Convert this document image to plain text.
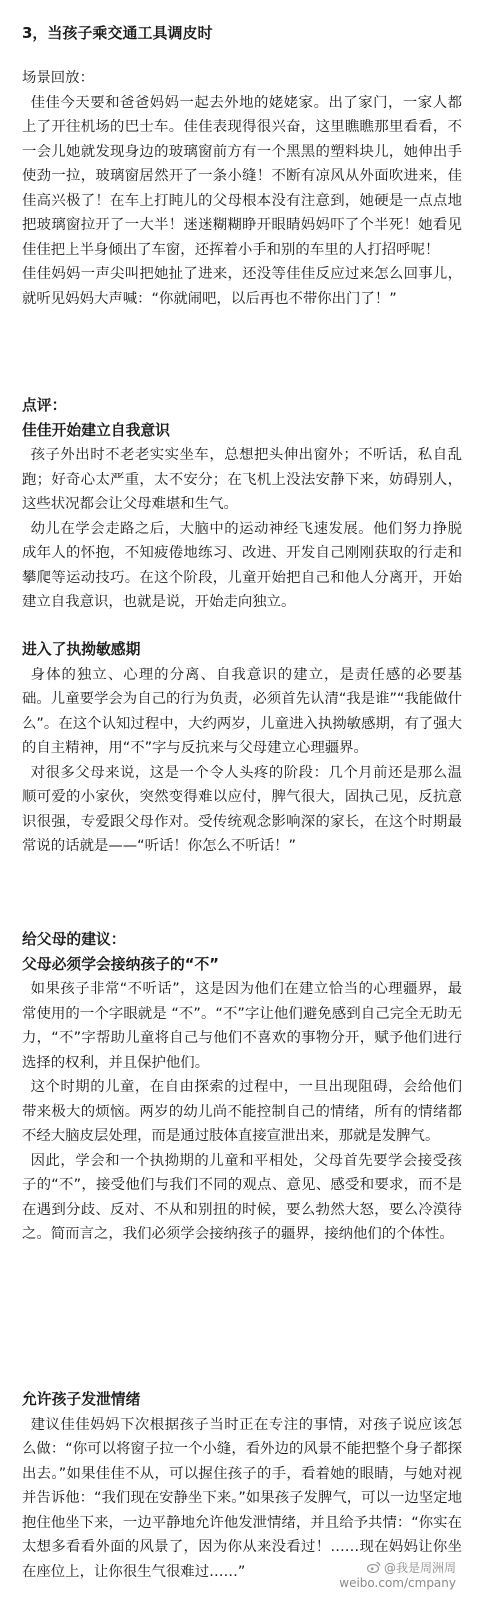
3，当孩子乘交通工具调皮时
场景回放：
佳佳今天要和爸爸妈妈一起去外地的姥姥家。出了家门，一家人都上了开往机场的巴士车。佳佳表现得很兴奋，这里瞧瞧那里看看，不一会儿她就发现身边的玻璃窗前方有一个黑黑的塑料块儿，她伸出手使劲一拉，玻璃窗居然开了一条小缝！不断有凉风从外面吹进来，佳佳高兴极了！在车上打盹儿的父母根本没有注意到，她硬是一点点地把玻璃窗拉开了一大半！迷迷糊糊睁开眼睛妈妈吓了个半死！她看见佳佳把上半身倾出了车窗，还挥着小手和别的车里的人打招呼呢！
佳佳妈妈一声尖叫把她扯了进来，还没等佳佳反应过来怎么回事儿，就听见妈妈大声喊：“你就闹吧，以后再也不带你出门了！”
点评：
佳佳开始建立自我意识
孩子外出时不老老实实坐车，总想把头伸出窗外；不听话，私自乱跑；好奇心太严重，太不安分；在飞机上没法安静下来，妨碍别人，这些状况都会让父母难堪和生气。
幼儿在学会走路之后，大脑中的运动神经飞速发展。他们努力挣脱成年人的怀抱，不知疲倦地练习、改进、开发自己刚刚获取的行走和攀爬等运动技巧。在这个阶段，儿童开始把自己和他人分离开，开始建立自我意识，也就是说，开始走向独立。
进入了执拗敏感期
身体的独立、心理的分离、自我意识的建立，是责任感的必要基础。儿童要学会为自己的行为负责，必须首先认清“我是谁”“我能做什么”。在这个认知过程中，大约两岁，儿童进入执拗敏感期，有了强大的自主精神，用“不”字与反抗来与父母建立心理疆界。
对很多父母来说，这是一个令人头疼的阶段：几个月前还是那么温顺可爱的小家伙，突然变得难以应付，脾气很大，固执己见，反抗意识很强，专爱跟父母作对。受传统观念影响深的家长，在这个时期最常说的话就是——“听话！你怎么不听话！”
给父母的建议：
父母必须学会接纳孩子的“不”
如果孩子非常“不听话”，这是因为他们在建立恰当的心理疆界，最常使用的一个字眼就是 “不”。“不”字让他们避免感到自己完全无助无力，“不”字帮助儿童将自己与他们不喜欢的事物分开，赋予他们进行选择的权利，并且保护他们。
这个时期的儿童，在自由探索的过程中，一旦出现阻碍，会给他们带来极大的烦恼。两岁的幼儿尚不能控制自己的情绪，所有的情绪都不经大脑皮层处理，而是通过肢体直接宣泄出来，那就是发脾气。
因此，学会和一个执拗期的儿童和平相处，父母首先要学会接受孩子的“不”，接受他们与我们不同的观点、意见、感受和要求，而不是在遇到分歧、反对、不从和别扭的时候，要么勃然大怒，要么冷漠待之。简而言之，我们必须学会接纳孩子的疆界，接纳他们的个体性。
允许孩子发泄情绪
建议佳佳妈妈下次根据孩子当时正在专注的事情，对孩子说应该怎么做：“你可以将窗子拉一个小缝，看外边的风景不能把整个身子都探出去。”如果佳佳不从，可以握住孩子的手，看着她的眼睛，与她对视并告诉他：“我们现在安静坐下来。”如果孩子发脾气，可以一边坚定地抱住他坐下来，一边平静地允许他发泄情绪，并且给予共情：“你实在太想多看看外面的风景了，因为你从来没看过！……现在妈妈让你坐在座位上，让你很生气很难过……”	@我是周洲周
weibo.com/cmpany
